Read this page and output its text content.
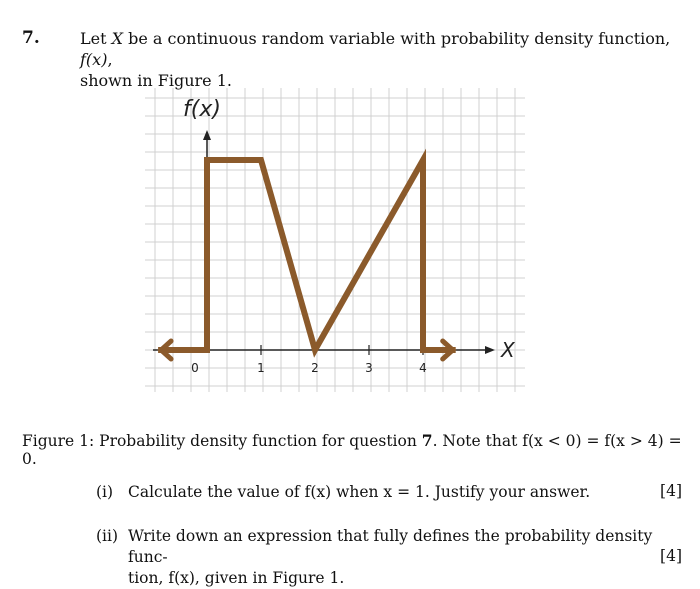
7.	Let X be a continuous random variable with probability density function, f(x),
shown in Figure 1.
0	1	2	3	4
f(x)
X
Figure 1: Probability density function for question 7. Note that f(x < 0) = f(x > 4) = 0.
(i) Calculate the value of f(x) when x = 1. Justify your answer.	[4]
(ii) Write down an expression that fully defines the probability density func-
tion, f(x), given in Figure 1.
[4]
